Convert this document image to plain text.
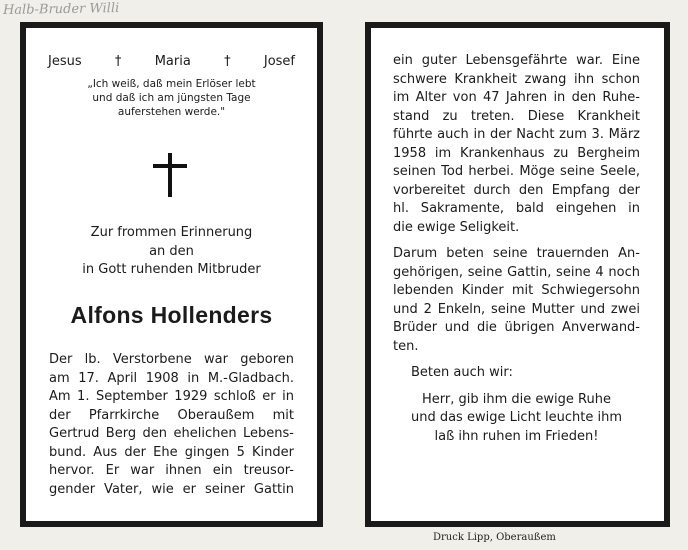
Halb-Bruder Willi
Jesus	†	Maria	†	Josef
„Ich weiß, daß mein Erlöser lebt
und daß ich am jüngsten Tage
auferstehen werde."
Zur frommen Erinnerung
an den
in Gott ruhenden Mitbruder
Alfons Hollenders
Der lb. Verstorbene war geboren
am 17. April 1908 in M.-Gladbach.
Am 1. September 1929 schloß er in
der Pfarrkirche Oberaußem mit
Gertrud Berg den ehelichen Lebens-
bund. Aus der Ehe gingen 5 Kinder
hervor. Er war ihnen ein treusor-
gender Vater, wie er seiner Gattin
ein guter Lebensgefährte war. Eine
schwere Krankheit zwang ihn schon
im Alter von 47 Jahren in den Ruhe-
stand zu treten. Diese Krankheit
führte auch in der Nacht zum 3. März
1958 im Krankenhaus zu Bergheim
seinen Tod herbei. Möge seine Seele,
vorbereitet durch den Empfang der
hl. Sakramente, bald eingehen in
die ewige Seligkeit.
Darum beten seine trauernden An-
gehörigen, seine Gattin, seine 4 noch
lebenden Kinder mit Schwiegersohn
und 2 Enkeln, seine Mutter und zwei
Brüder und die übrigen Anverwand-
ten.
Beten auch wir:
Herr, gib ihm die ewige Ruhe
und das ewige Licht leuchte ihm
laß ihn ruhen im Frieden!
Druck Lipp, Oberaußem
